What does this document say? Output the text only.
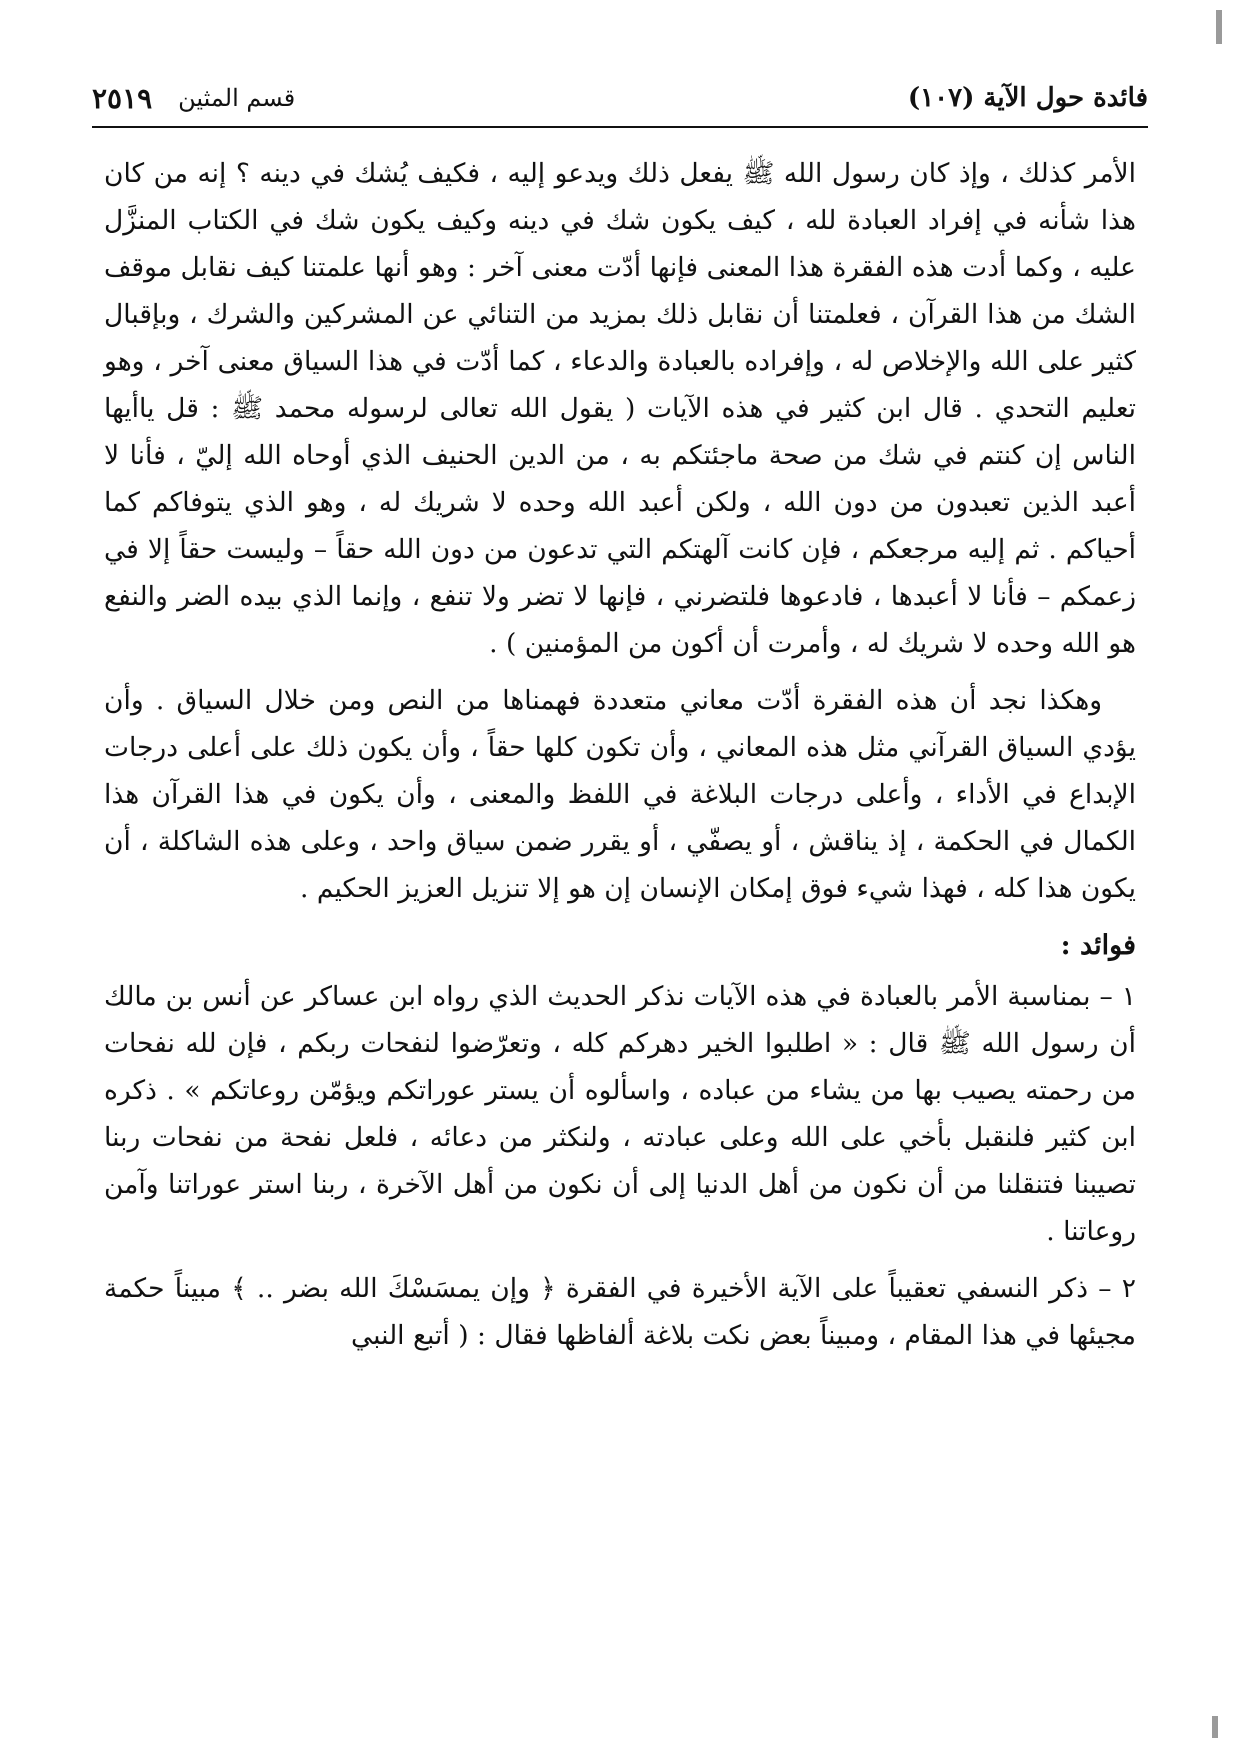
فائدة حول الآية (١٠٧)
قسم المثين
٢٥١٩

الأمر كذلك ، وإذ كان رسول الله ﷺ يفعل ذلك ويدعو إليه ، فكيف يُشك في دينه ؟ إنه من كان هذا شأنه في إفراد العبادة لله ، كيف يكون شك في دينه وكيف يكون شك في الكتاب المنزَّل عليه ، وكما أدت هذه الفقرة هذا المعنى فإنها أدّت معنى آخر : وهو أنها علمتنا كيف نقابل موقف الشك من هذا القرآن ، فعلمتنا أن نقابل ذلك بمزيد من التنائي عن المشركين والشرك ، وبإقبال كثير على الله والإخلاص له ، وإفراده بالعبادة والدعاء ، كما أدّت في هذا السياق معنى آخر ، وهو تعليم التحدي . قال ابن كثير في هذه الآيات ( يقول الله تعالى لرسوله محمد ﷺ : قل ياأيها الناس إن كنتم في شك من صحة ماجئتكم به ، من الدين الحنيف الذي أوحاه الله إليّ ، فأنا لا أعبد الذين تعبدون من دون الله ، ولكن أعبد الله وحده لا شريك له ، وهو الذي يتوفاكم كما أحياكم . ثم إليه مرجعكم ، فإن كانت آلهتكم التي تدعون من دون الله حقاً – وليست حقاً إلا في زعمكم – فأنا لا أعبدها ، فادعوها فلتضرني ، فإنها لا تضر ولا تنفع ، وإنما الذي بيده الضر والنفع هو الله وحده لا شريك له ، وأمرت أن أكون من المؤمنين ) .

وهكذا نجد أن هذه الفقرة أدّت معاني متعددة فهمناها من النص ومن خلال السياق . وأن يؤدي السياق القرآني مثل هذه المعاني ، وأن تكون كلها حقاً ، وأن يكون ذلك على أعلى درجات الإبداع في الأداء ، وأعلى درجات البلاغة في اللفظ والمعنى ، وأن يكون في هذا القرآن هذا الكمال في الحكمة ، إذ يناقش ، أو يصفّي ، أو يقرر ضمن سياق واحد ، وعلى هذه الشاكلة ، أن يكون هذا كله ، فهذا شيء فوق إمكان الإنسان إن هو إلا تنزيل العزيز الحكيم .

فوائد :

١ – بمناسبة الأمر بالعبادة في هذه الآيات نذكر الحديث الذي رواه ابن عساكر عن أنس بن مالك أن رسول الله ﷺ قال : « اطلبوا الخير دهركم كله ، وتعرّضوا لنفحات ربكم ، فإن لله نفحات من رحمته يصيب بها من يشاء من عباده ، واسألوه أن يستر عوراتكم ويؤمّن روعاتكم » . ذكره ابن كثير فلنقبل بأخي على الله وعلى عبادته ، ولنكثر من دعائه ، فلعل نفحة من نفحات ربنا تصيبنا فتنقلنا من أن نكون من أهل الدنيا إلى أن نكون من أهل الآخرة ، ربنا استر عوراتنا وآمن روعاتنا .

٢ – ذكر النسفي تعقيباً على الآية الأخيرة في الفقرة ﴿ وإن يمسَسْكَ الله بضر .. ﴾ مبيناً حكمة مجيئها في هذا المقام ، ومبيناً بعض نكت بلاغة ألفاظها فقال : ( أتبع النبي
